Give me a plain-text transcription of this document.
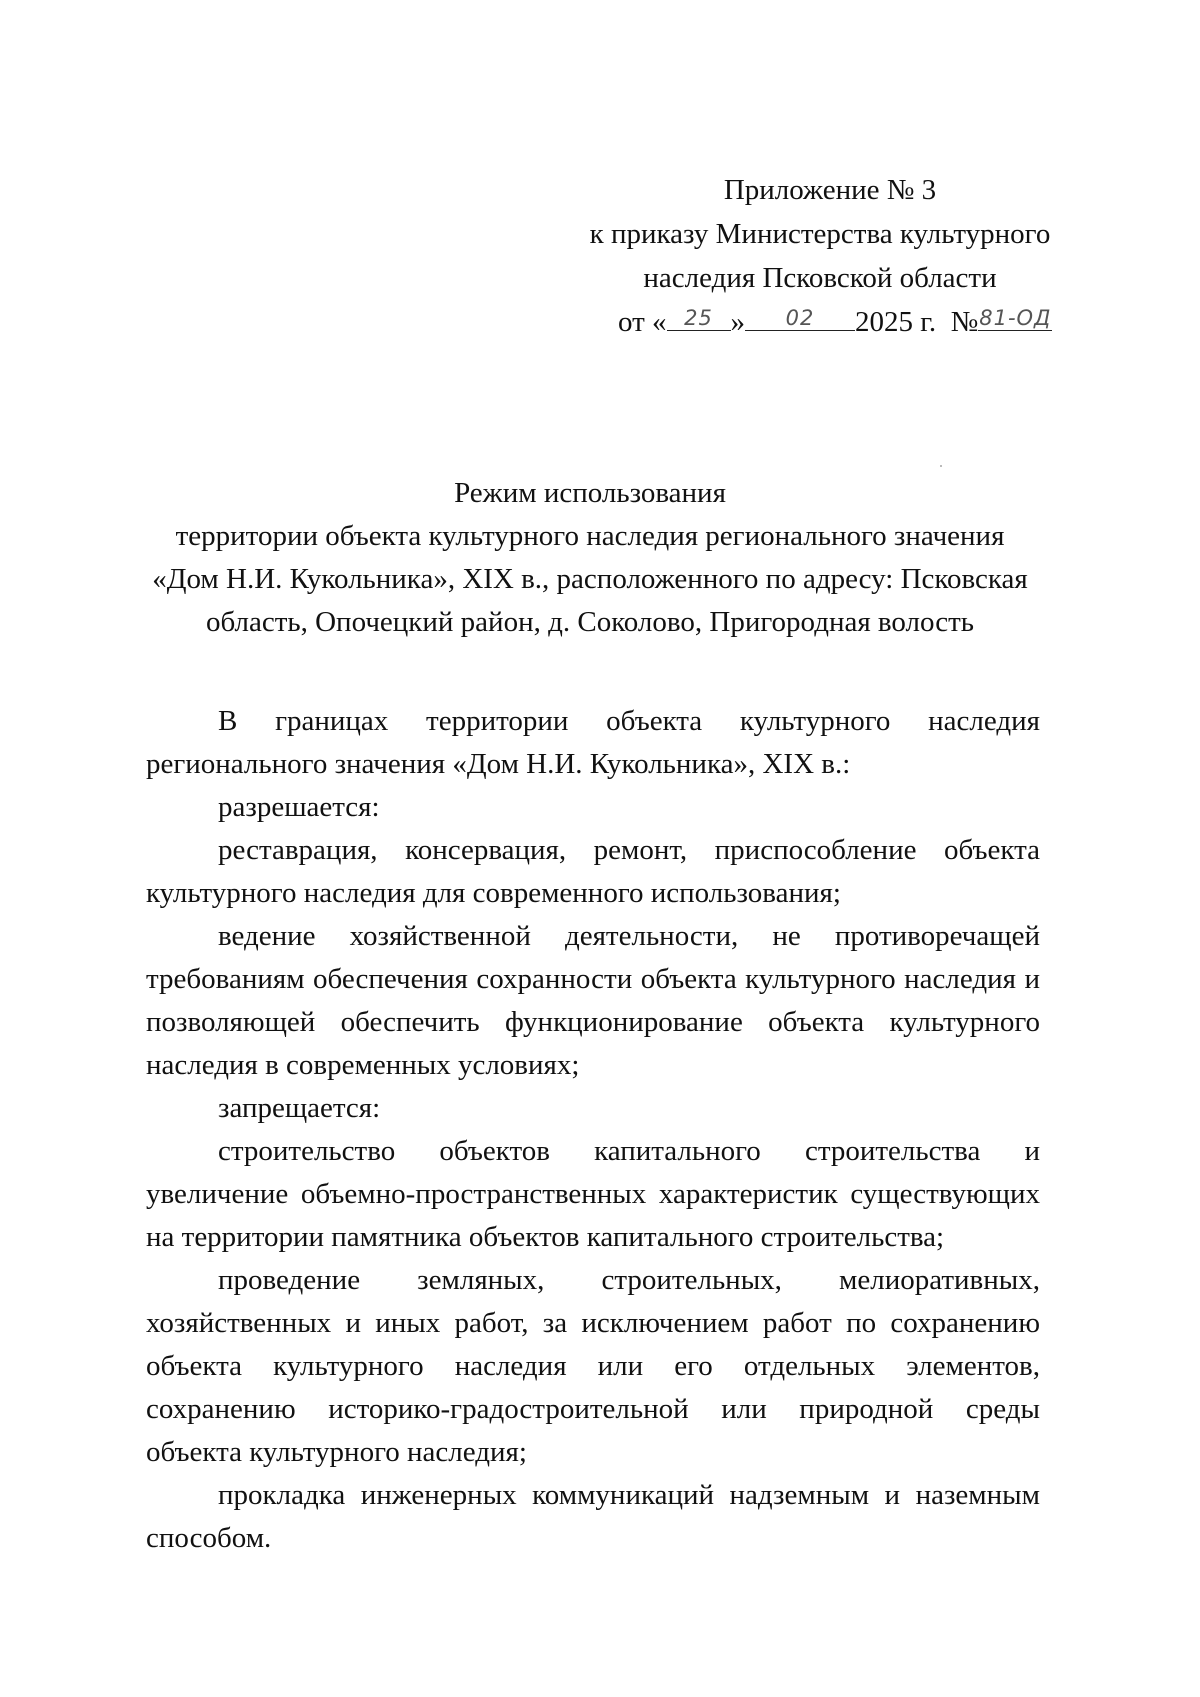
Приложение № 3
к приказу Министерства культурного
наследия Псковской области
от « 25 »	02	2025 г. № 81-ОД
Режим использования
территории объекта культурного наследия регионального значения
«Дом Н.И. Кукольника», XIX в., расположенного по адресу: Псковская
область, Опочецкий район, д. Соколово, Пригородная волость

В границах территории объекта культурного наследия регионального значения «Дом Н.И. Кукольника», XIX в.:

разрешается:

реставрация, консервация, ремонт, приспособление объекта культурного наследия для современного использования;

ведение хозяйственной деятельности, не противоречащей требованиям обеспечения сохранности объекта культурного наследия и позволяющей обеспечить функционирование объекта культурного наследия в современных условиях;

запрещается:

строительство объектов капитального строительства и увеличение объемно-пространственных характеристик существующих на территории памятника объектов капитального строительства;

проведение земляных, строительных, мелиоративных, хозяйственных и иных работ, за исключением работ по сохранению объекта культурного наследия или его отдельных элементов, сохранению историко-градостроительной или природной среды объекта культурного наследия;

прокладка инженерных коммуникаций надземным и наземным способом.
